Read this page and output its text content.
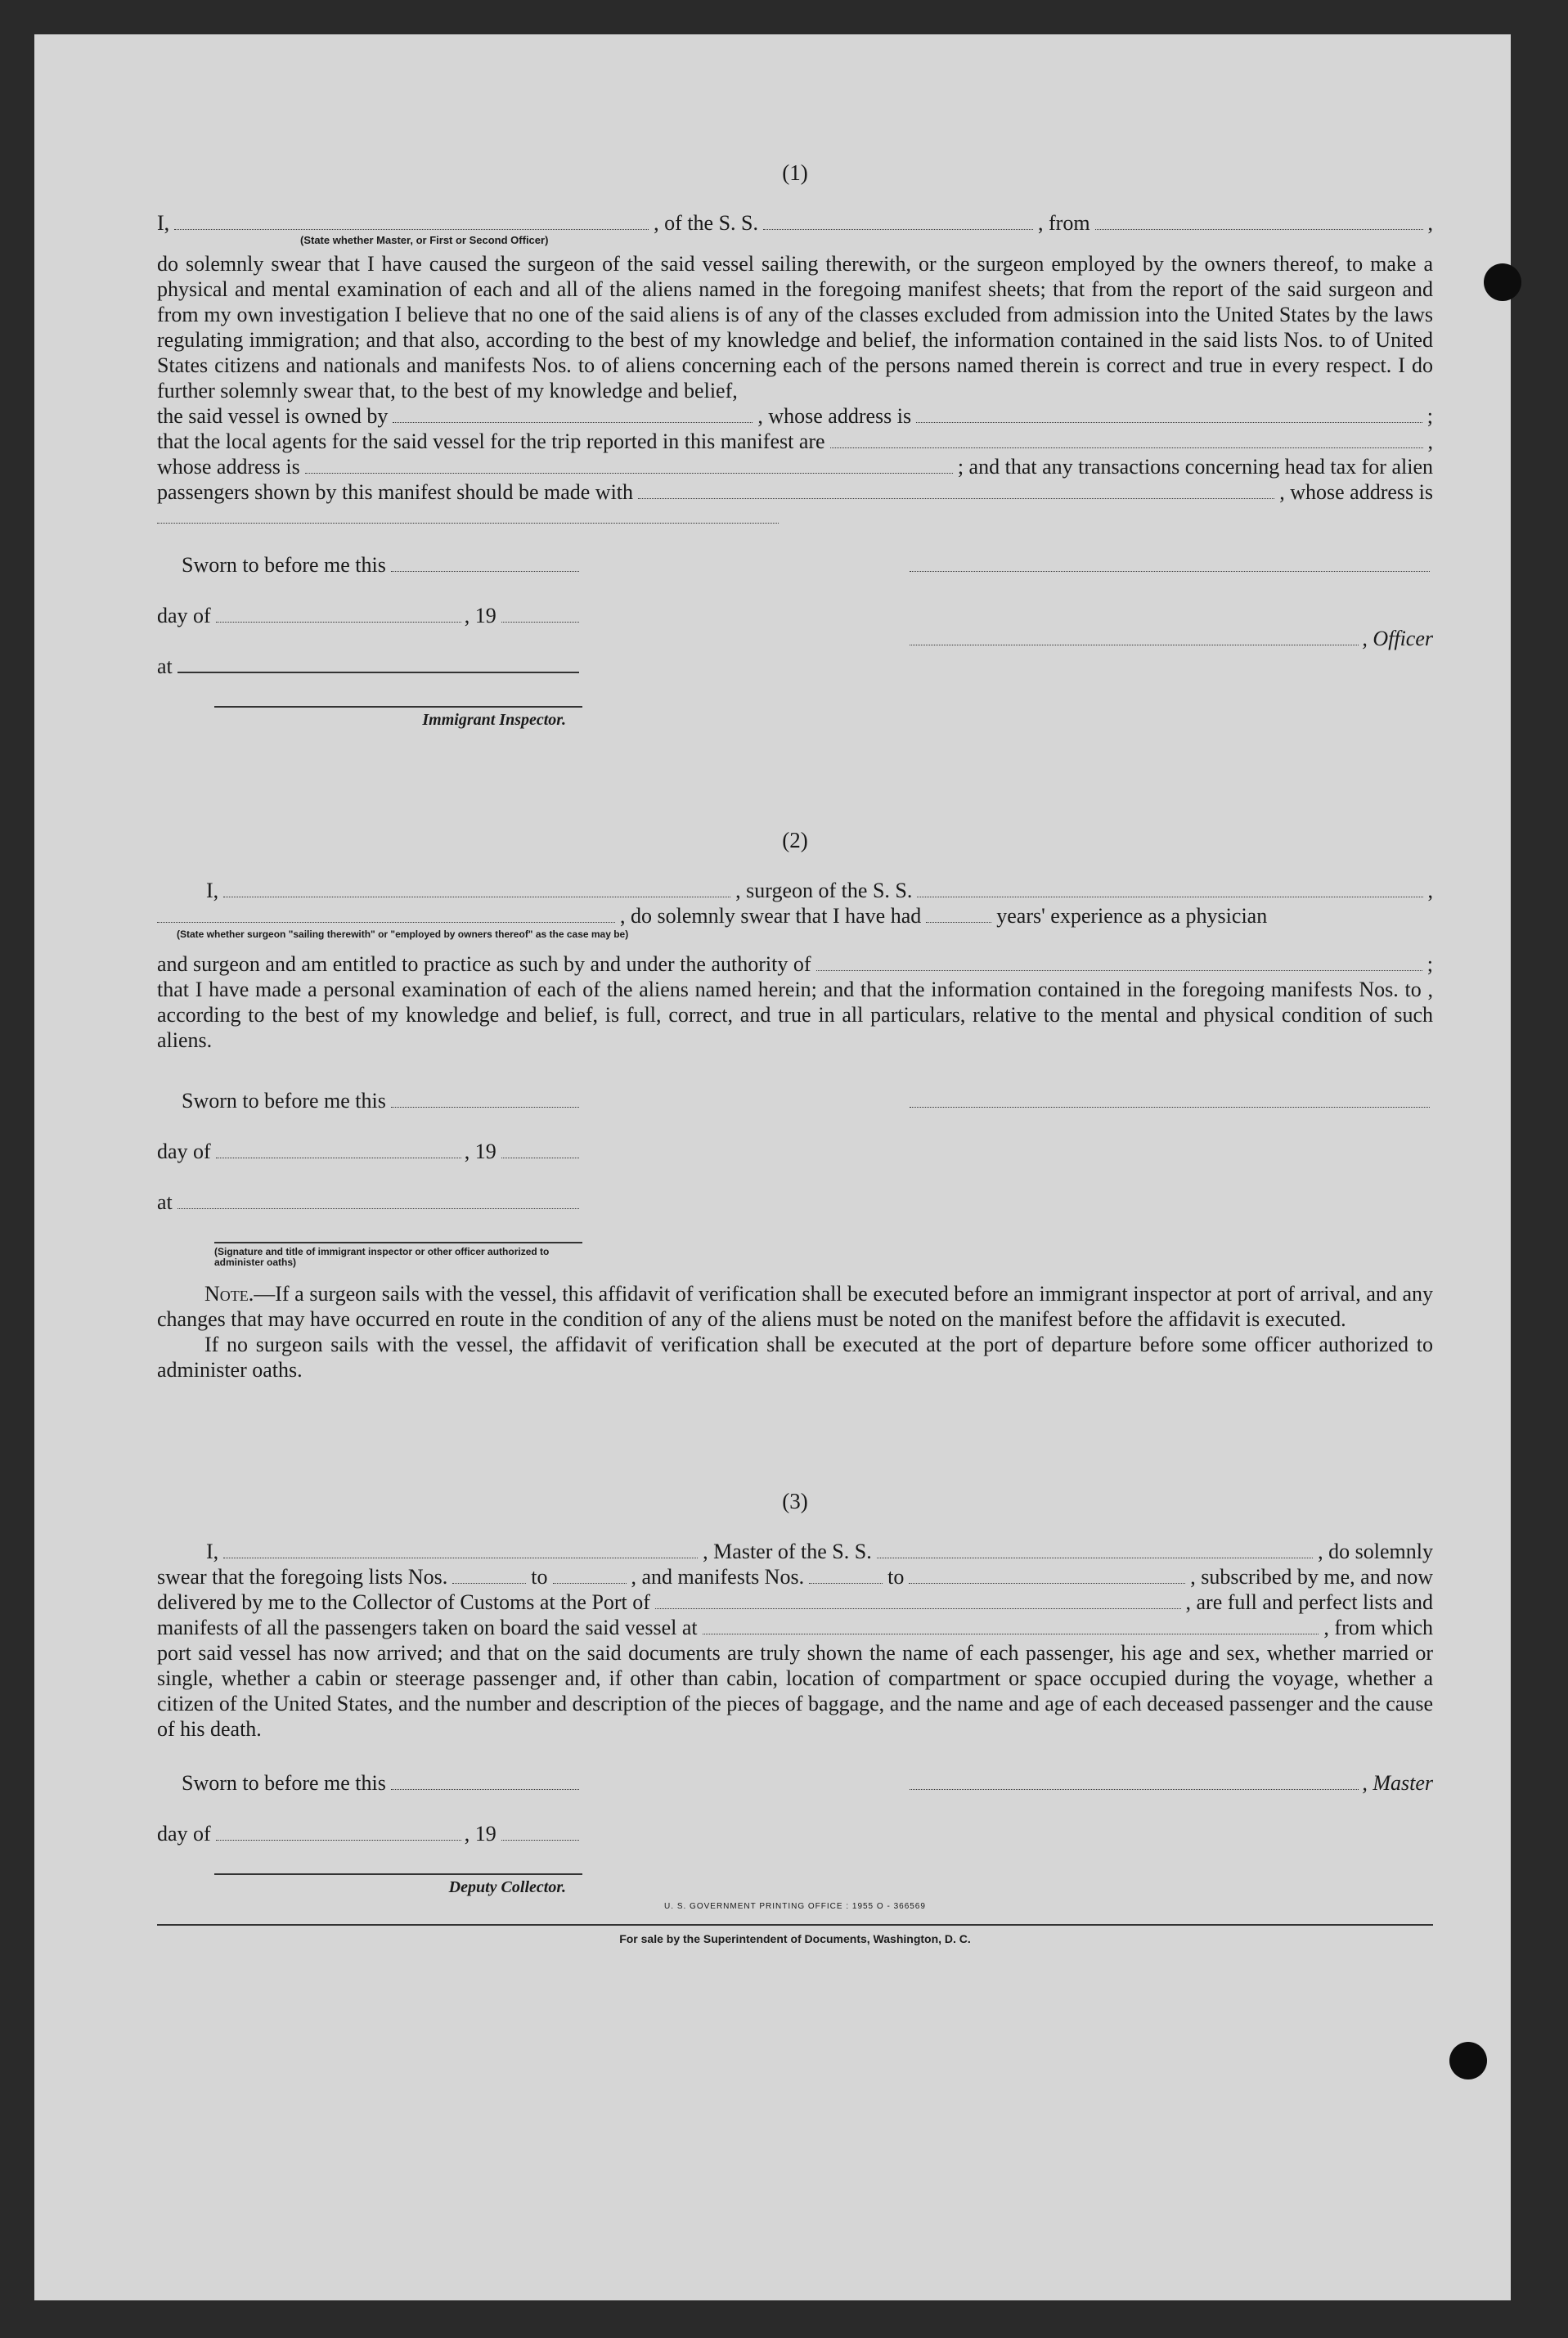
(1)
I,	, of the S. S.	, from	,
(State whether Master, or First or Second Officer)
do solemnly swear that I have caused the surgeon of the said vessel sailing therewith, or the surgeon employed by the owners thereof, to make a physical and mental examination of each and all of the aliens named in the foregoing manifest sheets; that from the report of the said surgeon and from my own investigation I believe that no one of the said aliens is of any of the classes excluded from admission into the United States by the laws regulating immigration; and that also, according to the best of my knowledge and belief, the information contained in the said lists Nos. to of United States citizens and nationals and manifests Nos. to of aliens concerning each of the persons named therein is correct and true in every respect. I do further solemnly swear that, to the best of my knowledge and belief,
the said vessel is owned by	, whose address is	;
that the local agents for the said vessel for the trip reported in this manifest are	,
whose address is	; and that any transactions concerning head tax for alien
passengers shown by this manifest should be made with	, whose address is
Sworn to before me this
day of	, 19
at
Immigrant Inspector.
, Officer
(2)
I,	, surgeon of the S. S.	,
, do solemnly swear that I have had	years' experience as a physician
(State whether surgeon "sailing therewith" or "employed by owners thereof" as the case may be)
and surgeon and am entitled to practice as such by and under the authority of	;
that I have made a personal examination of each of the aliens named herein; and that the information contained in the foregoing manifests Nos. to , according to the best of my knowledge and belief, is full, correct, and true in all particulars, relative to the mental and physical condition of such aliens.
Sworn to before me this
day of	, 19
at
(Signature and title of immigrant inspector or other officer authorized to administer oaths)
Note.—If a surgeon sails with the vessel, this affidavit of verification shall be executed before an immigrant inspector at port of arrival, and any changes that may have occurred en route in the condition of any of the aliens must be noted on the manifest before the affidavit is executed.
If no surgeon sails with the vessel, the affidavit of verification shall be executed at the port of departure before some officer authorized to administer oaths.
(3)
I,	, Master of the S. S.	, do solemnly
swear that the foregoing lists Nos.	to	, and manifests Nos.	to	, subscribed by me, and now
delivered by me to the Collector of Customs at the Port of	, are full and perfect lists and
manifests of all the passengers taken on board the said vessel at	, from which
port said vessel has now arrived; and that on the said documents are truly shown the name of each passenger, his age and sex, whether married or single, whether a cabin or steerage passenger and, if other than cabin, location of compartment or space occupied during the voyage, whether a citizen of the United States, and the number and description of the pieces of baggage, and the name and age of each deceased passenger and the cause of his death.
Sworn to before me this
day of	, 19
Deputy Collector.
, Master
U. S. GOVERNMENT PRINTING OFFICE : 1955 O - 366569
For sale by the Superintendent of Documents, Washington, D. C.
